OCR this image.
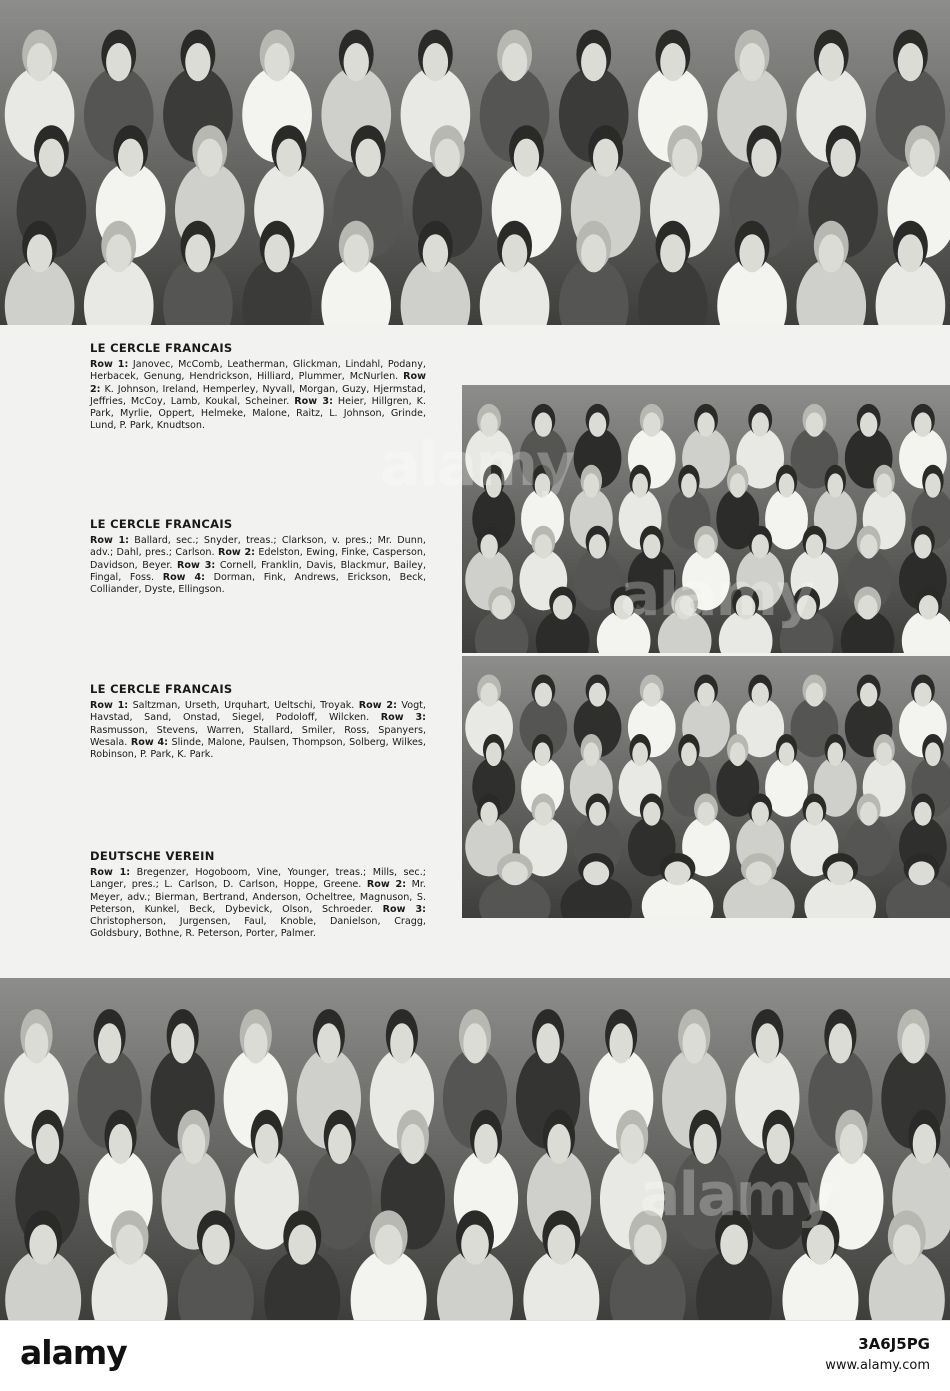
LE CERCLE FRANCAIS
Row 1: Janovec, McComb, Leatherman, Glickman, Lindahl, Podany, Herbacek, Genung, Hendrickson, Hilliard, Plummer, McNurlen. Row 2: K. Johnson, Ireland, Hemperley, Nyvall, Morgan, Guzy, Hjermstad, Jeffries, McCoy, Lamb, Koukal, Scheiner. Row 3: Heier, Hillgren, K. Park, Myrlie, Oppert, Helmeke, Malone, Raitz, L. Johnson, Grinde, Lund, P. Park, Knudtson.
LE CERCLE FRANCAIS
Row 1: Ballard, sec.; Snyder, treas.; Clarkson, v. pres.; Mr. Dunn, adv.; Dahl, pres.; Carlson. Row 2: Edelston, Ewing, Finke, Casperson, Davidson, Beyer. Row 3: Cornell, Franklin, Davis, Blackmur, Bailey, Fingal, Foss. Row 4: Dorman, Fink, Andrews, Erickson, Beck, Colliander, Dyste, Ellingson.
LE CERCLE FRANCAIS
Row 1: Saltzman, Urseth, Urquhart, Ueltschi, Troyak. Row 2: Vogt, Havstad, Sand, Onstad, Siegel, Podoloff, Wilcken. Row 3: Rasmusson, Stevens, Warren, Stallard, Smiler, Ross, Spanyers, Wesala. Row 4: Slinde, Malone, Paulsen, Thompson, Solberg, Wilkes, Robinson, P. Park, K. Park.
DEUTSCHE VEREIN
Row 1: Bregenzer, Hogoboom, Vine, Younger, treas.; Mills, sec.; Langer, pres.; L. Carlson, D. Carlson, Hoppe, Greene. Row 2: Mr. Meyer, adv.; Bierman, Bertrand, Anderson, Ocheltree, Magnuson, S. Peterson, Kunkel, Beck, Dybevick, Olson, Schroeder. Row 3: Christopherson, Jurgensen, Faul, Knoble, Danielson, Cragg, Goldsbury, Bothne, R. Peterson, Porter, Palmer.
alamy
alamy
alamy
alamy	3A6J5PG
www.alamy.com
